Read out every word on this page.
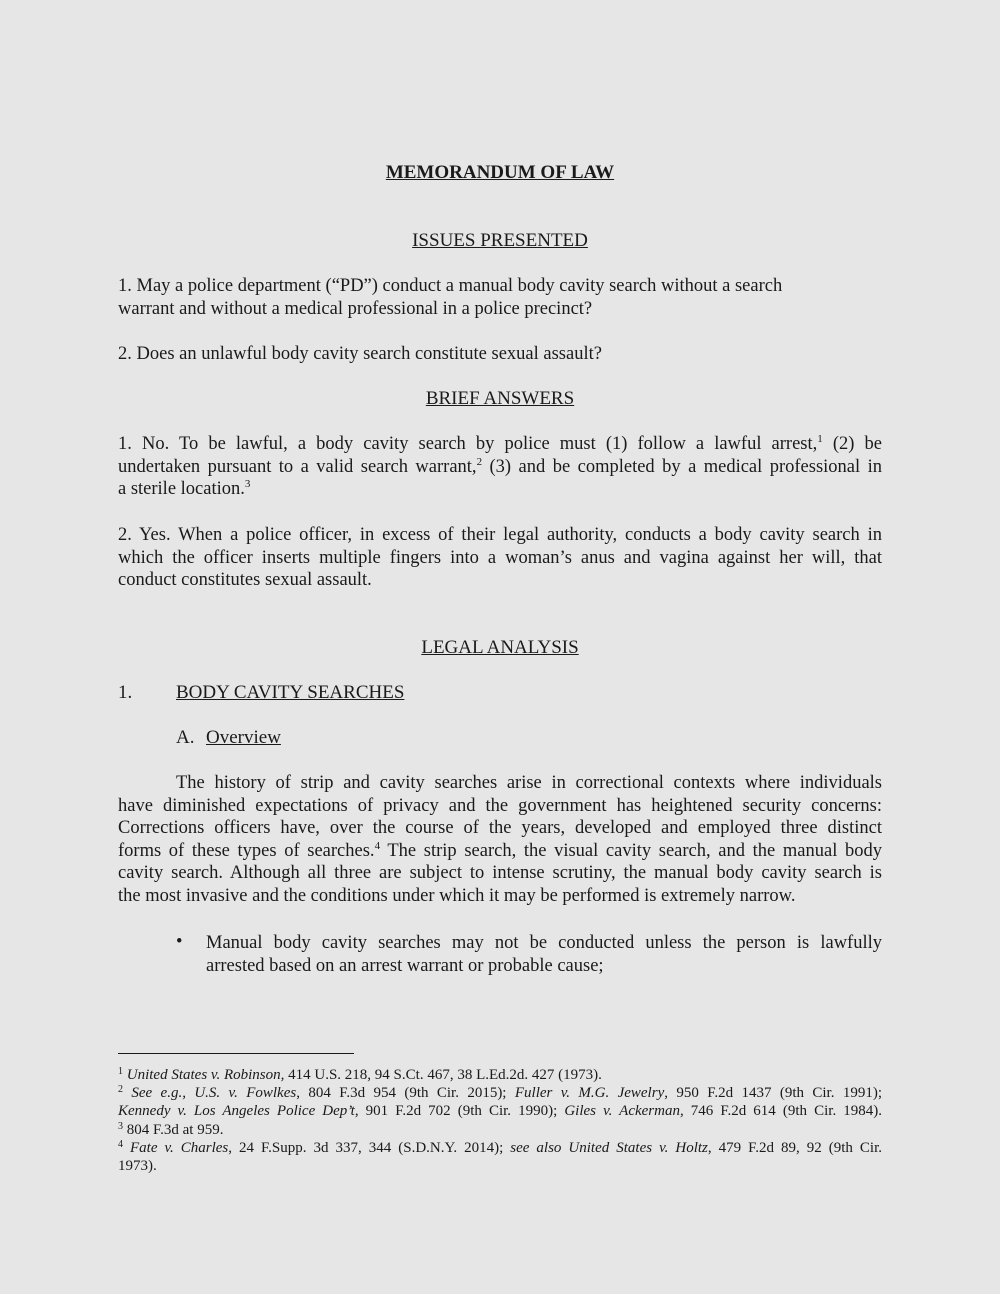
MEMORANDUM OF LAW
ISSUES PRESENTED
1. May a police department (“PD”) conduct a manual body cavity search without a search
warrant and without a medical professional in a police precinct?
2. Does an unlawful body cavity search constitute sexual assault?
BRIEF ANSWERS
1. No. To be lawful, a body cavity search by police must (1) follow a lawful arrest,$^1$ (2) be
undertaken pursuant to a valid search warrant,$^2$ (3) and be completed by a medical professional in
a sterile location.$^3$
2. Yes. When a police officer, in excess of their legal authority, conducts a body cavity search in
which the officer inserts multiple fingers into a woman’s anus and vagina against her will, that
conduct constitutes sexual assault.
LEGAL ANALYSIS
1. BODY CAVITY SEARCHES
A. Overview
The history of strip and cavity searches arise in correctional contexts where individuals
have diminished expectations of privacy and the government has heightened security concerns:
Corrections officers have, over the course of the years, developed and employed three distinct
forms of these types of searches.$^4$ The strip search, the visual cavity search, and the manual body
cavity search. Although all three are subject to intense scrutiny, the manual body cavity search is
the most invasive and the conditions under which it may be performed is extremely narrow.
• Manual body cavity searches may not be conducted unless the person is lawfully
arrested based on an arrest warrant or probable cause;
$^1$ United States v. Robinson, 414 U.S. 218, 94 S.Ct. 467, 38 L.Ed.2d. 427 (1973).
$^2$ See e.g., U.S. v. Fowlkes, 804 F.3d 954 (9th Cir. 2015); Fuller v. M.G. Jewelry, 950 F.2d 1437 (9th Cir. 1991);
Kennedy v. Los Angeles Police Dep’t, 901 F.2d 702 (9th Cir. 1990); Giles v. Ackerman, 746 F.2d 614 (9th Cir. 1984).
$^3$ 804 F.3d at 959.
$^4$ Fate v. Charles, 24 F.Supp. 3d 337, 344 (S.D.N.Y. 2014); see also United States v. Holtz, 479 F.2d 89, 92 (9th Cir.
1973).
